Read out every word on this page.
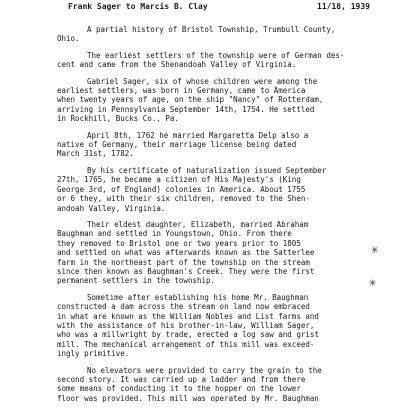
Frank Sager to Marcis B. Clay	11/18, 1939

A partial history of Bristol Township, Trumbull County,
Ohio.

The earliest settlers of the township were of German des-
cent and came from the Shenandoah Valley of Virginia.

Gabriel Sager, six of whose children were among the
earliest settlers, was born in Germany, came to America
when twenty years of age, on the ship "Nancy" of Rotterdam,
arriving in Pennsylvania September 14th, 1754. He settled
in Rockhill, Bucks Co., Pa.

April 8th, 1762 he married Margaretta Delp also a
native of Germany, their marriage license being dated
March 31st, 1782.

By his certificate of naturalization issued September
27th, 1765, he became a citizen of His Majesty's (King
George 3rd, of England) colonies in America. About 1755
or 6 they, with their six children, removed to the Shen-
andoah Valley, Virginia.

Their eldest daughter, Elizabeth, married Abraham
Baughman and settled in Youngstown, Ohio. From there
they removed to Bristol one or two years prior to 1805
and settled on what was afterwards known as the Satterlee
farm in the northeast part of the township on the stream
since then known as Baughman's Creek. They were the first
permanent settlers in the township.

Sometime after establishing his home Mr. Baughman
constructed a dam across the stream on land now embraced
in what are known as the William Nobles and List farms and
with the assistance of his brother-in-law, William Sager,
who was a millwright by trade, erected a log saw and grist
mill. The mechanical arrangement of this mill was exceed-
ingly primitive.

No elevators were provided to carry the grain to the
second story. It was carried up a ladder and from there
some means of conducting it to the hopper on the lower
floor was provided. This mill was operated by Mr. Baughman

✳
✳
